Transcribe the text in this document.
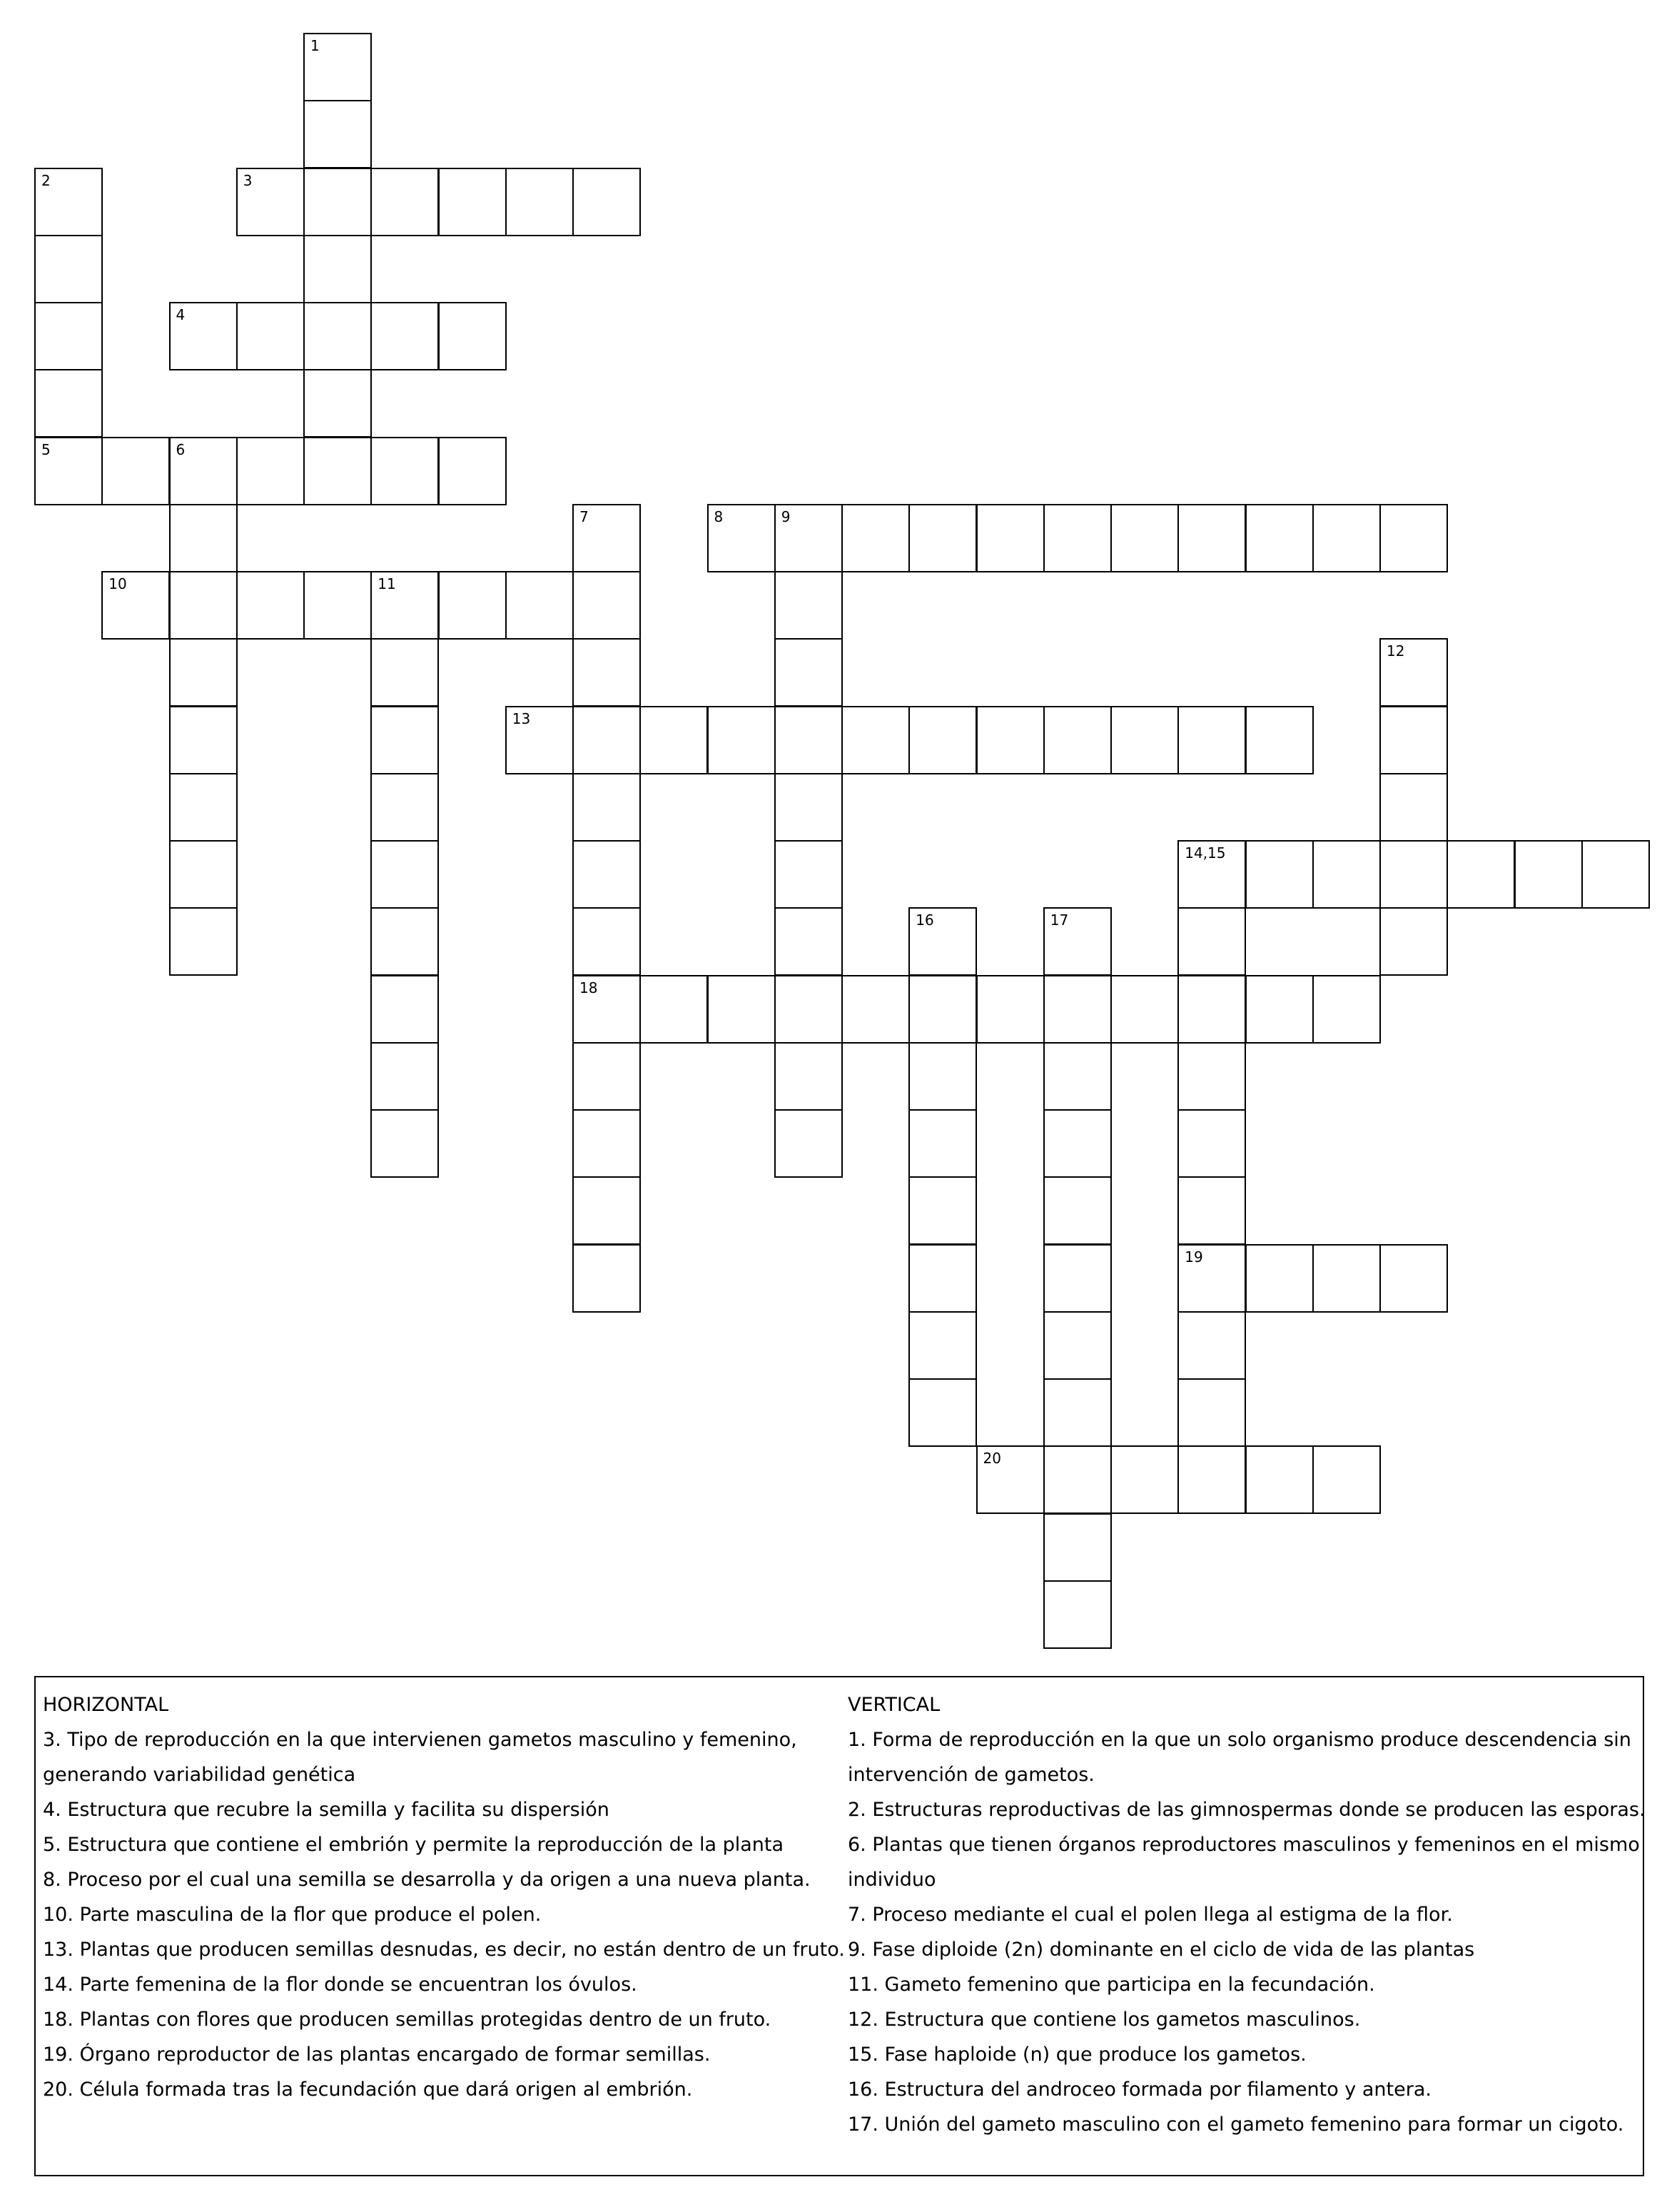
1
2	3
4
5	6
7	8	9
10	11
12
13
14,15
16	17
18
19
20
HORIZONTAL
3. Tipo de reproducción en la que intervienen gametos masculino y femenino,
generando variabilidad genética
4. Estructura que recubre la semilla y facilita su dispersión
5. Estructura que contiene el embrión y permite la reproducción de la planta
8. Proceso por el cual una semilla se desarrolla y da origen a una nueva planta.
10. Parte masculina de la flor que produce el polen.
13. Plantas que producen semillas desnudas, es decir, no están dentro de un fruto.
14. Parte femenina de la flor donde se encuentran los óvulos.
18. Plantas con flores que producen semillas protegidas dentro de un fruto.
19. Órgano reproductor de las plantas encargado de formar semillas.
20. Célula formada tras la fecundación que dará origen al embrión.
VERTICAL
1. Forma de reproducción en la que un solo organismo produce descendencia sin
intervención de gametos.
2. Estructuras reproductivas de las gimnospermas donde se producen las esporas.
6. Plantas que tienen órganos reproductores masculinos y femeninos en el mismo
individuo
7. Proceso mediante el cual el polen llega al estigma de la flor.
9. Fase diploide (2n) dominante en el ciclo de vida de las plantas
11. Gameto femenino que participa en la fecundación.
12. Estructura que contiene los gametos masculinos.
15. Fase haploide (n) que produce los gametos.
16. Estructura del androceo formada por filamento y antera.
17. Unión del gameto masculino con el gameto femenino para formar un cigoto.
